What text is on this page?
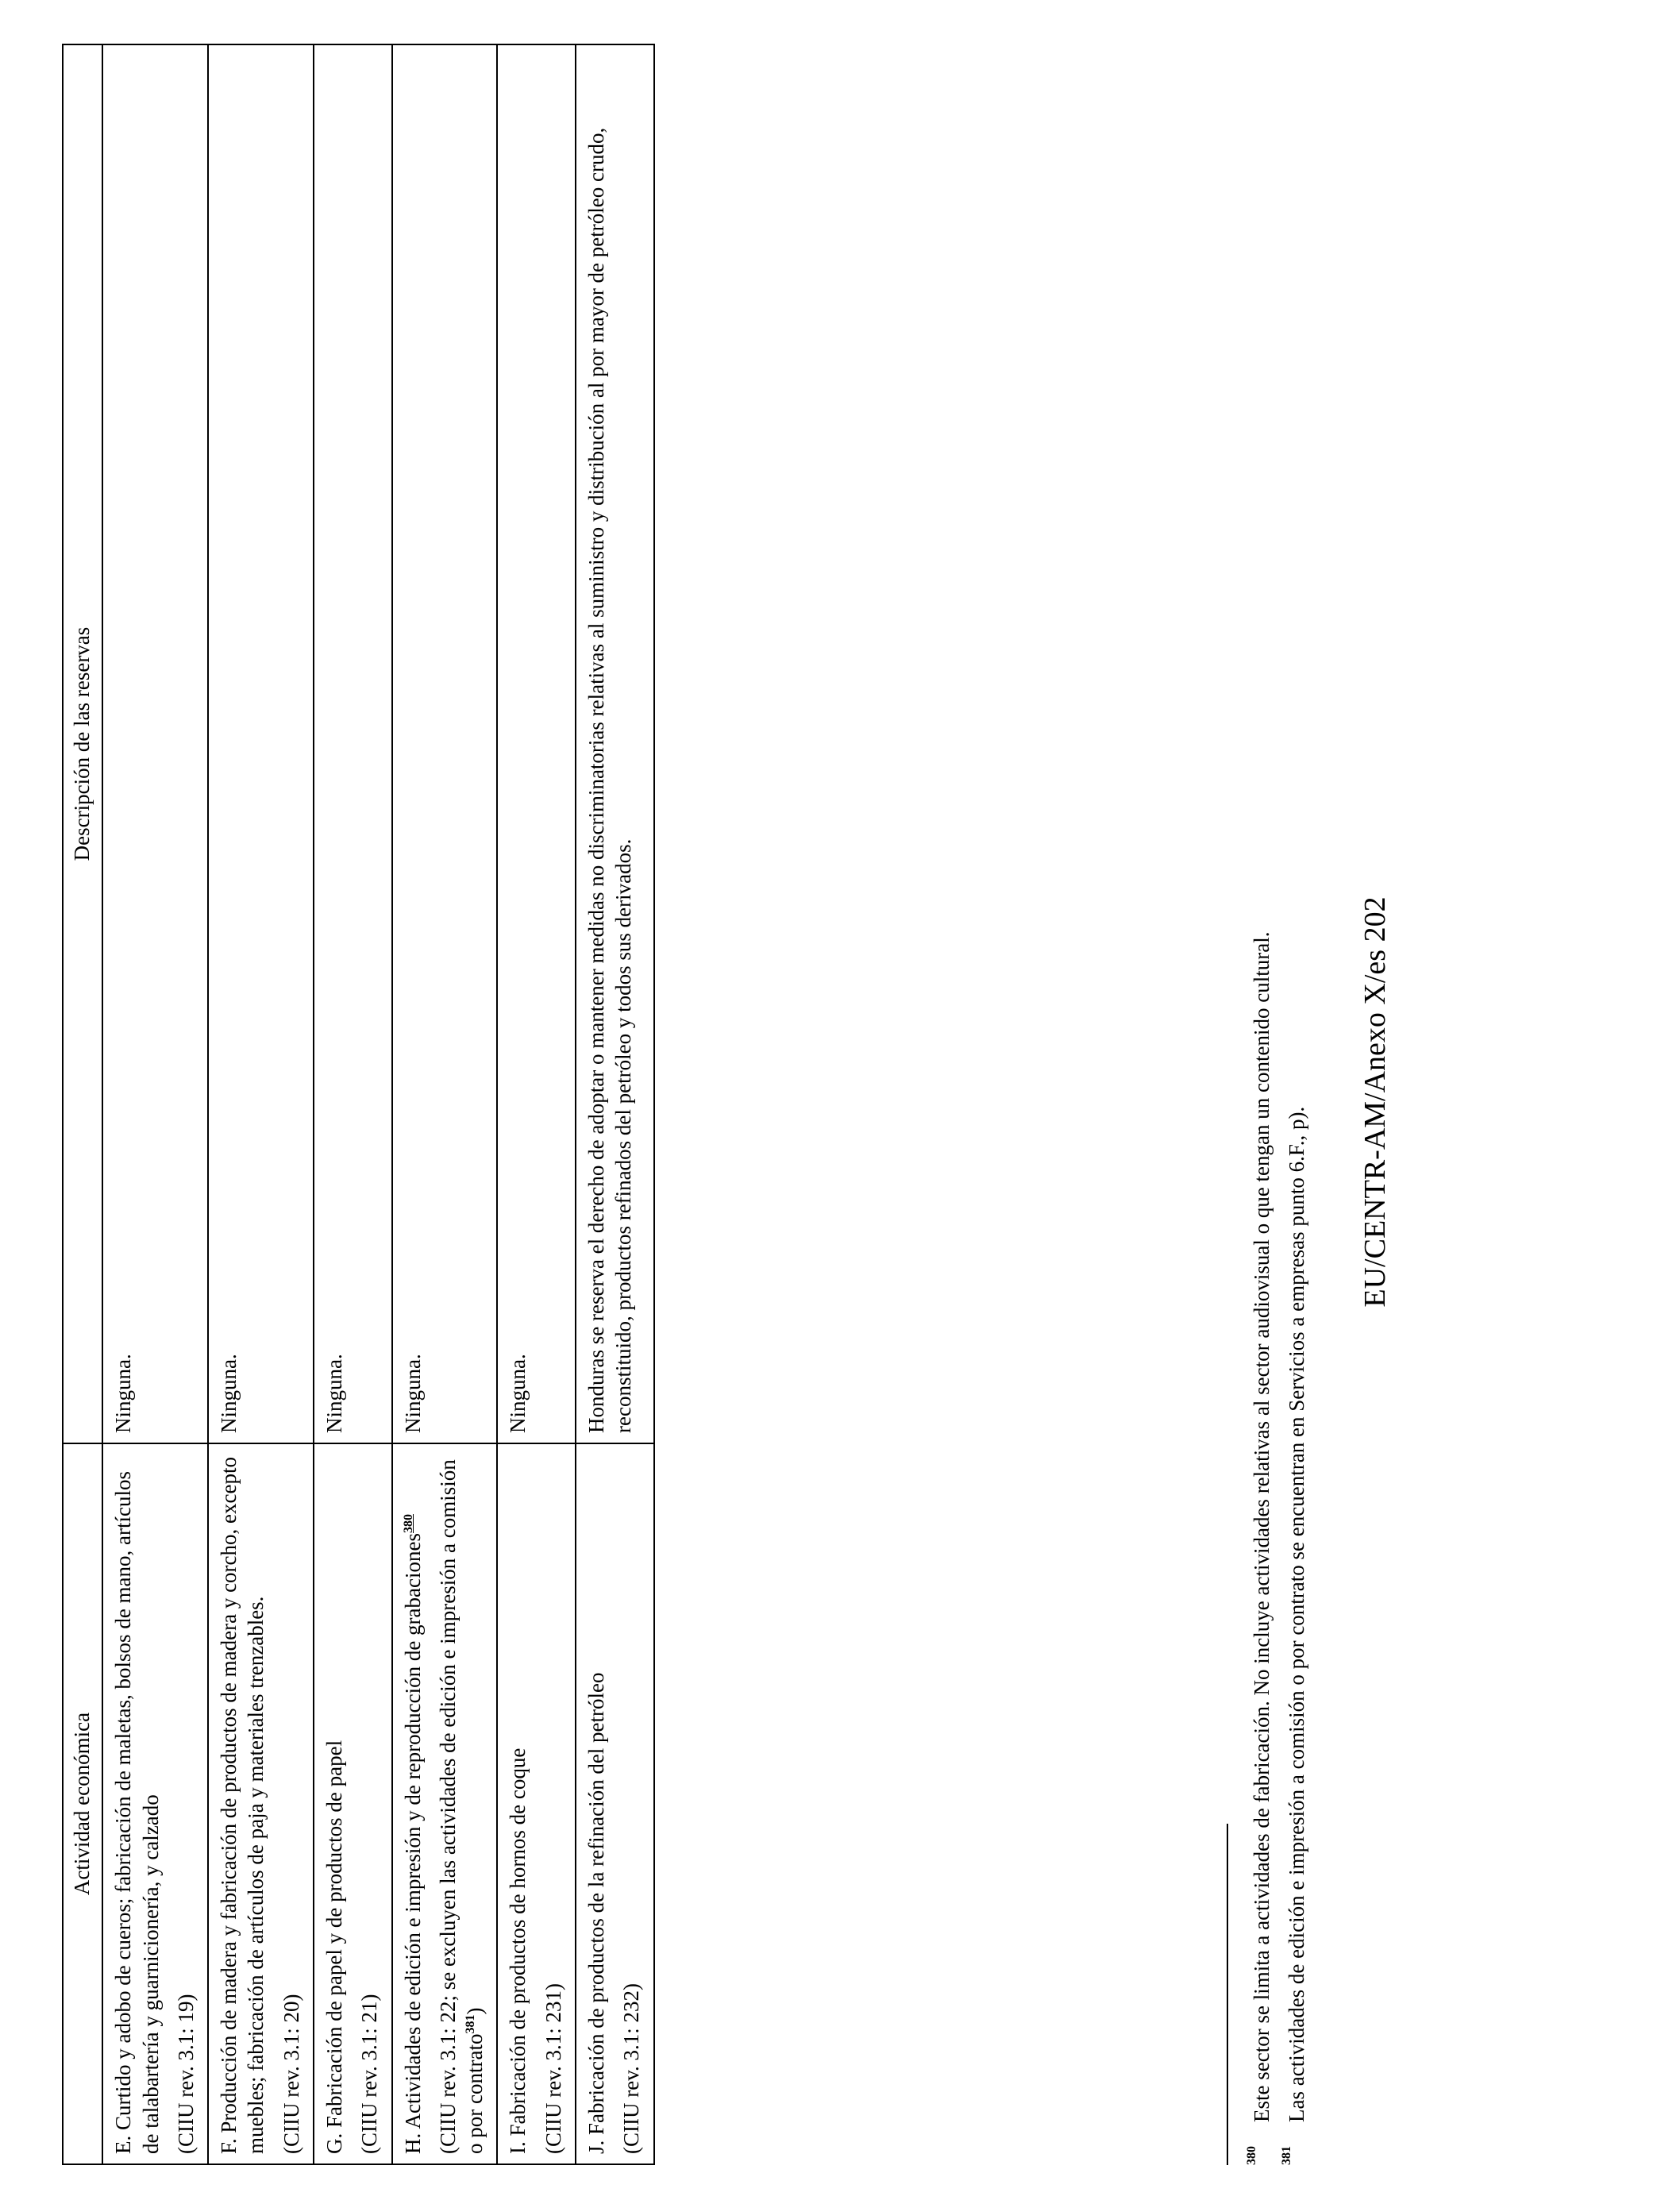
Actividad económica	Descripción de las reservas

E. Curtido y adobo de cueros; fabricación de maletas, bolsos de mano, artículos de talabartería y guarnicionería, y calzado (CIIU rev. 3.1: 19)	Ninguna.

F. Producción de madera y fabricación de productos de madera y corcho, excepto muebles; fabricación de artículos de paja y materiales trenzables. (CIIU rev. 3.1: 20)	Ninguna.

G. Fabricación de papel y de productos de papel (CIIU rev. 3.1: 21)	Ninguna.

H. Actividades de edición e impresión y de reproducción de grabaciones$^{380}$ (CIIU rev. 3.1: 22; se excluyen las actividades de edición e impresión a comisión o por contrato$^{381}$)	Ninguna.

I. Fabricación de productos de hornos de coque (CIIU rev. 3.1: 231)	Ninguna.

J. Fabricación de productos de la refinación del petróleo (CIIU rev. 3.1: 232)	Honduras se reserva el derecho de adoptar o mantener medidas no discriminatorias relativas al suministro y distribución al por mayor de petróleo crudo, reconstituido, productos refinados del petróleo y todos sus derivados.

380
Este sector se limita a actividades de fabricación. No incluye actividades relativas al sector audiovisual o que tengan un contenido cultural.
381
Las actividades de edición e impresión a comisión o por contrato se encuentran en Servicios a empresas punto 6.F., p).
EU/CENTR-AM/Anexo X/es 202
